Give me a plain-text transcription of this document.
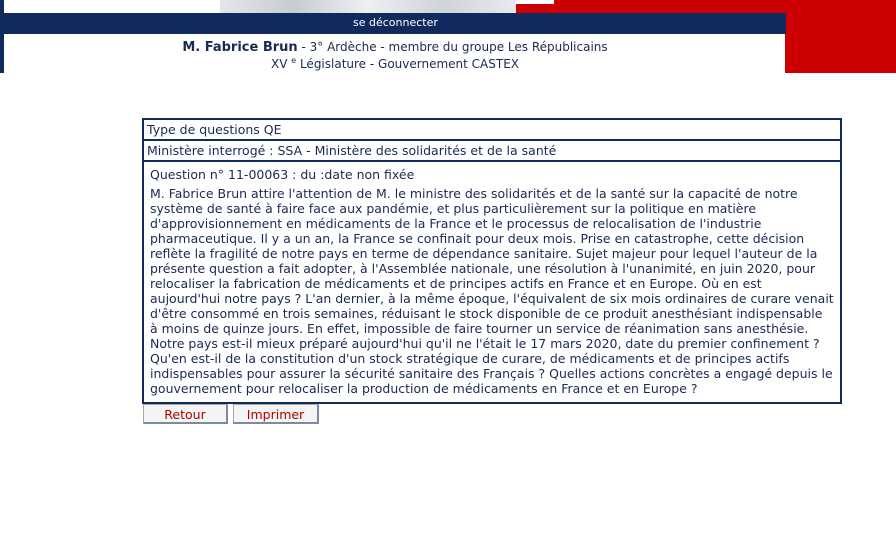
se déconnecter
M. Fabrice Brun - 3° Ardèche - membre du groupe Les Républicains
XV $^e$ Législature - Gouvernement CASTEX
Type de questions QE
Ministère interrogé : SSA - Ministère des solidarités et de la santé
Question n° 11-00063 : du :date non fixée
M. Fabrice Brun attire l'attention de M. le ministre des solidarités et de la santé sur la capacité de notre système de santé à faire face aux pandémie, et plus particulièrement sur la politique en matière d'approvisionnement en médicaments de la France et le processus de relocalisation de l'industrie pharmaceutique. Il y a un an, la France se confinait pour deux mois. Prise en catastrophe, cette décision reflète la fragilité de notre pays en terme de dépendance sanitaire. Sujet majeur pour lequel l'auteur de la présente question a fait adopter, à l'Assemblée nationale, une résolution à l'unanimité, en juin 2020, pour relocaliser la fabrication de médicaments et de principes actifs en France et en Europe. Où en est aujourd'hui notre pays ? L'an dernier, à la même époque, l'équivalent de six mois ordinaires de curare venait d'être consommé en trois semaines, réduisant le stock disponible de ce produit anesthésiant indispensable à moins de quinze jours. En effet, impossible de faire tourner un service de réanimation sans anesthésie. Notre pays est-il mieux préparé aujourd'hui qu'il ne l'était le 17 mars 2020, date du premier confinement ? Qu'en est-il de la constitution d'un stock stratégique de curare, de médicaments et de principes actifs indispensables pour assurer la sécurité sanitaire des Français ? Quelles actions concrètes a engagé depuis le gouvernement pour relocaliser la production de médicaments en France et en Europe ?
Retour	Imprimer
